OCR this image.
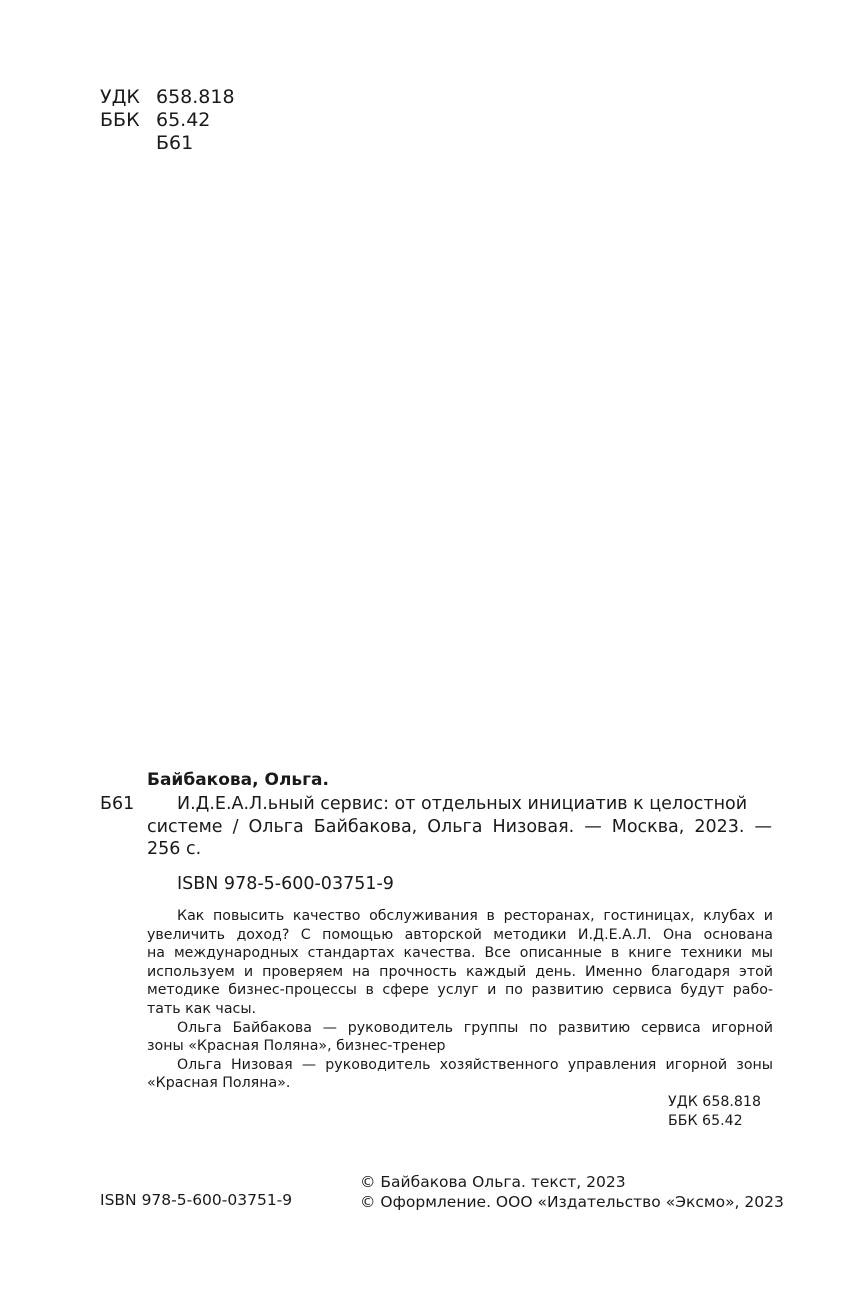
УДК 658.818
ББК 65.42
Б61
Байбакова, Ольга.
Б61 И.Д.Е.А.Л.ьный сервис: от отдельных инициатив к целостной
системе / Ольга Байбакова, Ольга Низовая. — Москва, 2023. —
256 с.
ISBN 978-5-600-03751-9
Как повысить качество обслуживания в ресторанах, гостиницах, клубах и
увеличить доход? С помощью авторской методики И.Д.Е.А.Л. Она основана
на международных стандартах качества. Все описанные в книге техники мы
используем и проверяем на прочность каждый день. Именно благодаря этой
методике бизнес-процессы в сфере услуг и по развитию сервиса будут рабо-
тать как часы.
Ольга Байбакова — руководитель группы по развитию сервиса игорной
зоны «Красная Поляна», бизнес-тренер
Ольга Низовая — руководитель хозяйственного управления игорной зоны
«Красная Поляна».
УДК 658.818
ББК 65.42
ISBN 978-5-600-03751-9
© Байбакова Ольга. текст, 2023
© Оформление. ООО «Издательство «Эксмо», 2023
